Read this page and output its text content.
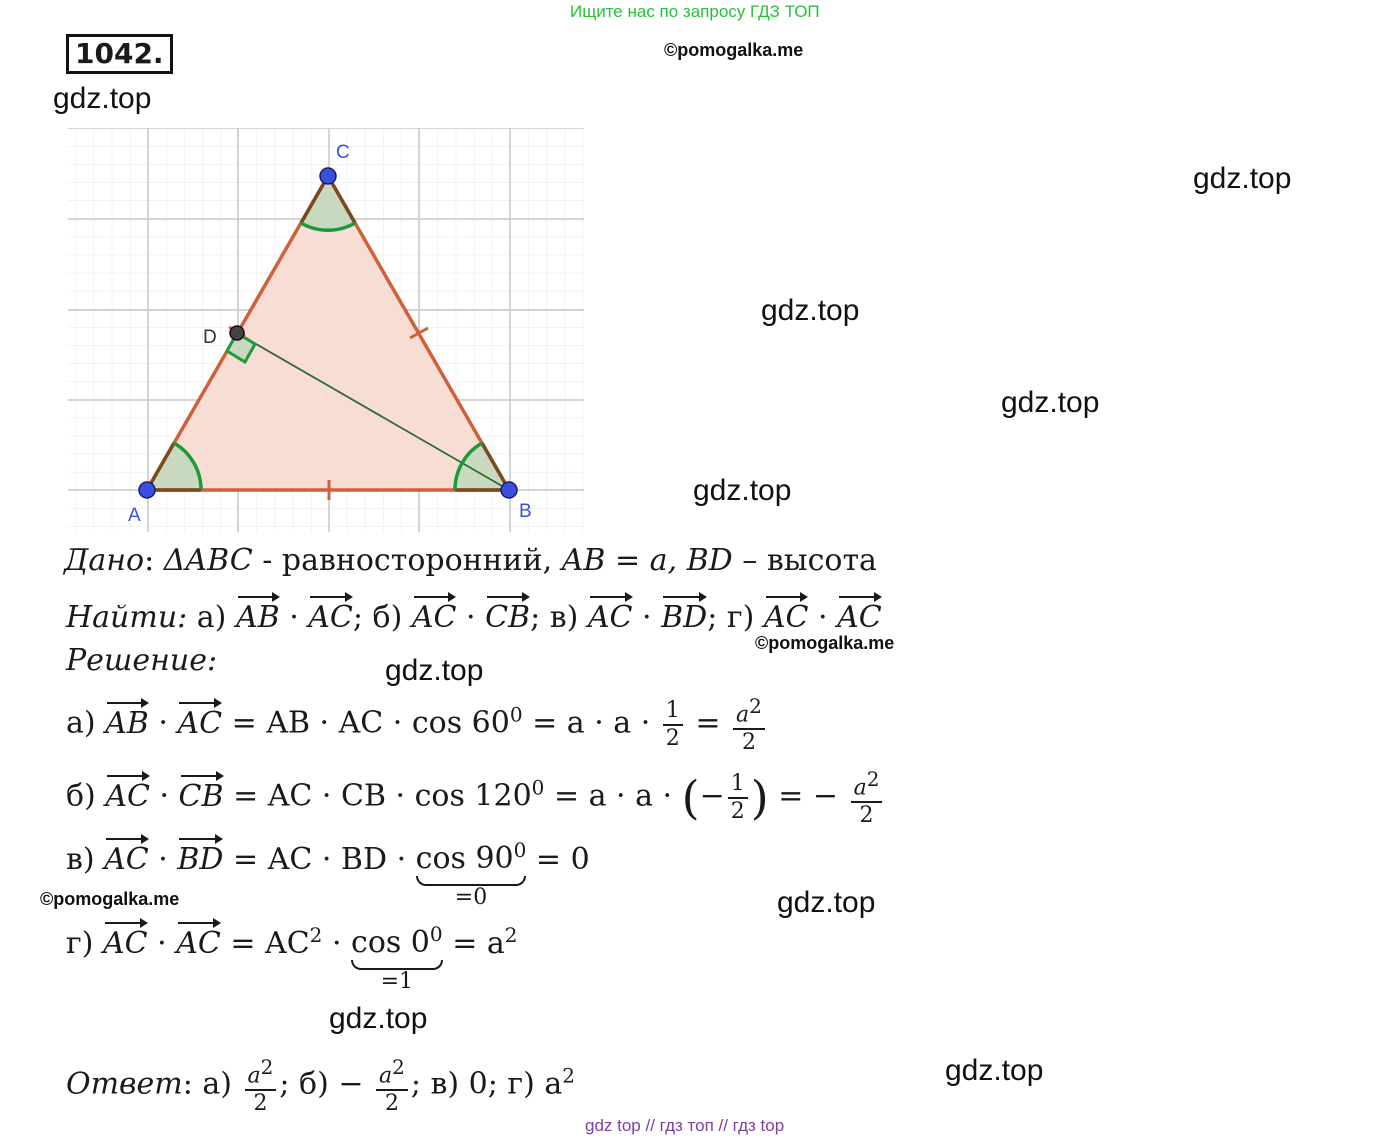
Ищите нас по запросу ГДЗ ТОП
1042.	©pomogalka.me
gdz.top
gdz.top
gdz.top
gdz.top
gdz.top
gdz.top
gdz.top
gdz.top
gdz.top
©pomogalka.me
©pomogalka.me
A	B
C
D
Дано: ΔABC - равносторонний, AB = a, BD – высота
Найти: а) AB · AC; б) AC · CB; в) AC · BD; г) AC · AC
Решение:
а) AB · AC = AB · AC · $\cos 60^0 = a \cdot a \cdot \frac{1}{2} = \frac{a^2}{2}$
б) AC · CB = AC · CB · $\cos 120^0 = a \cdot a$ · (− $\frac{1}{2}$ ) = − $\frac{a^2}{2}$
в) AC · BD = AC · BD · $\cos 90^0$
=0
= 0
г) AC · AC = $AC^2 \cdot \cos 0^0$
=1
= $a^2$
Ответ: $а) \frac{a^2}{2}$ ; $б) - \frac{a^2}{2}$ ; в) 0; г) $a^2$
gdz top // гдз топ // гдз top
